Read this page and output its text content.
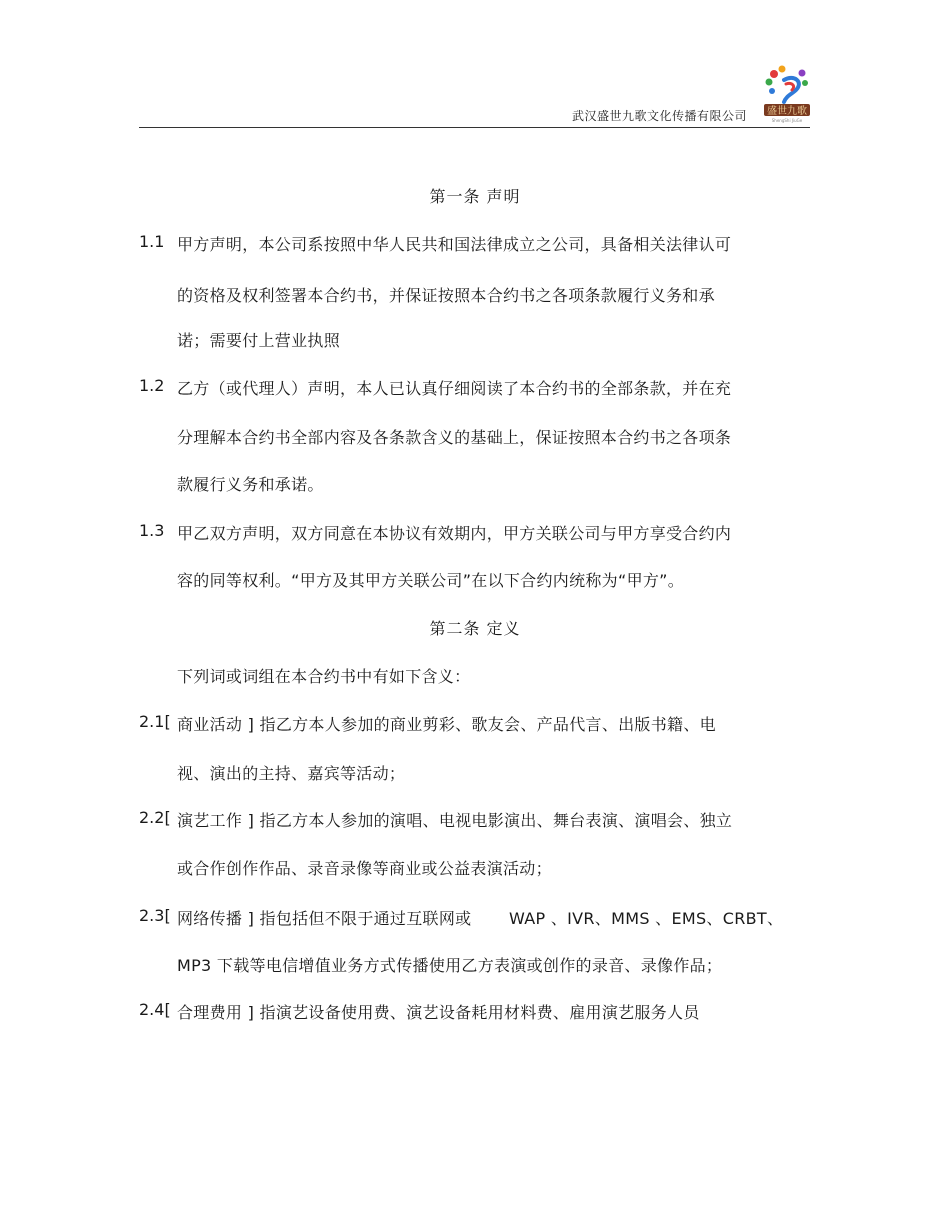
武汉盛世九歌文化传播有限公司 盛世九歌
ShengShi JiuGe
第一条 声明
1.1 甲方声明，本公司系按照中华人民共和国法律成立之公司，具备相关法律认可
的资格及权利签署本合约书，并保证按照本合约书之各项条款履行义务和承
诺；需要付上营业执照
1.2 乙方（或代理人）声明，本人已认真仔细阅读了本合约书的全部条款，并在充
分理解本合约书全部内容及各条款含义的基础上，保证按照本合约书之各项条
款履行义务和承诺。
1.3 甲乙双方声明，双方同意在本协议有效期内，甲方关联公司与甲方享受合约内
容的同等权利。“甲方及其甲方关联公司”在以下合约内统称为“甲方”。
第二条 定义
下列词或词组在本合约书中有如下含义：
2.1[ 商业活动 ] 指乙方本人参加的商业剪彩、歌友会、产品代言、出版书籍、电
视、演出的主持、嘉宾等活动；
2.2[ 演艺工作 ] 指乙方本人参加的演唱、电视电影演出、舞台表演、演唱会、独立
或合作创作作品、录音录像等商业或公益表演活动；
2.3[ 网络传播 ] 指包括但不限于通过互联网或 WAP 、IVR、MMS 、EMS、CRBT、
MP3 下载等电信增值业务方式传播使用乙方表演或创作的录音、录像作品；
2.4[ 合理费用 ] 指演艺设备使用费、演艺设备耗用材料费、雇用演艺服务人员
